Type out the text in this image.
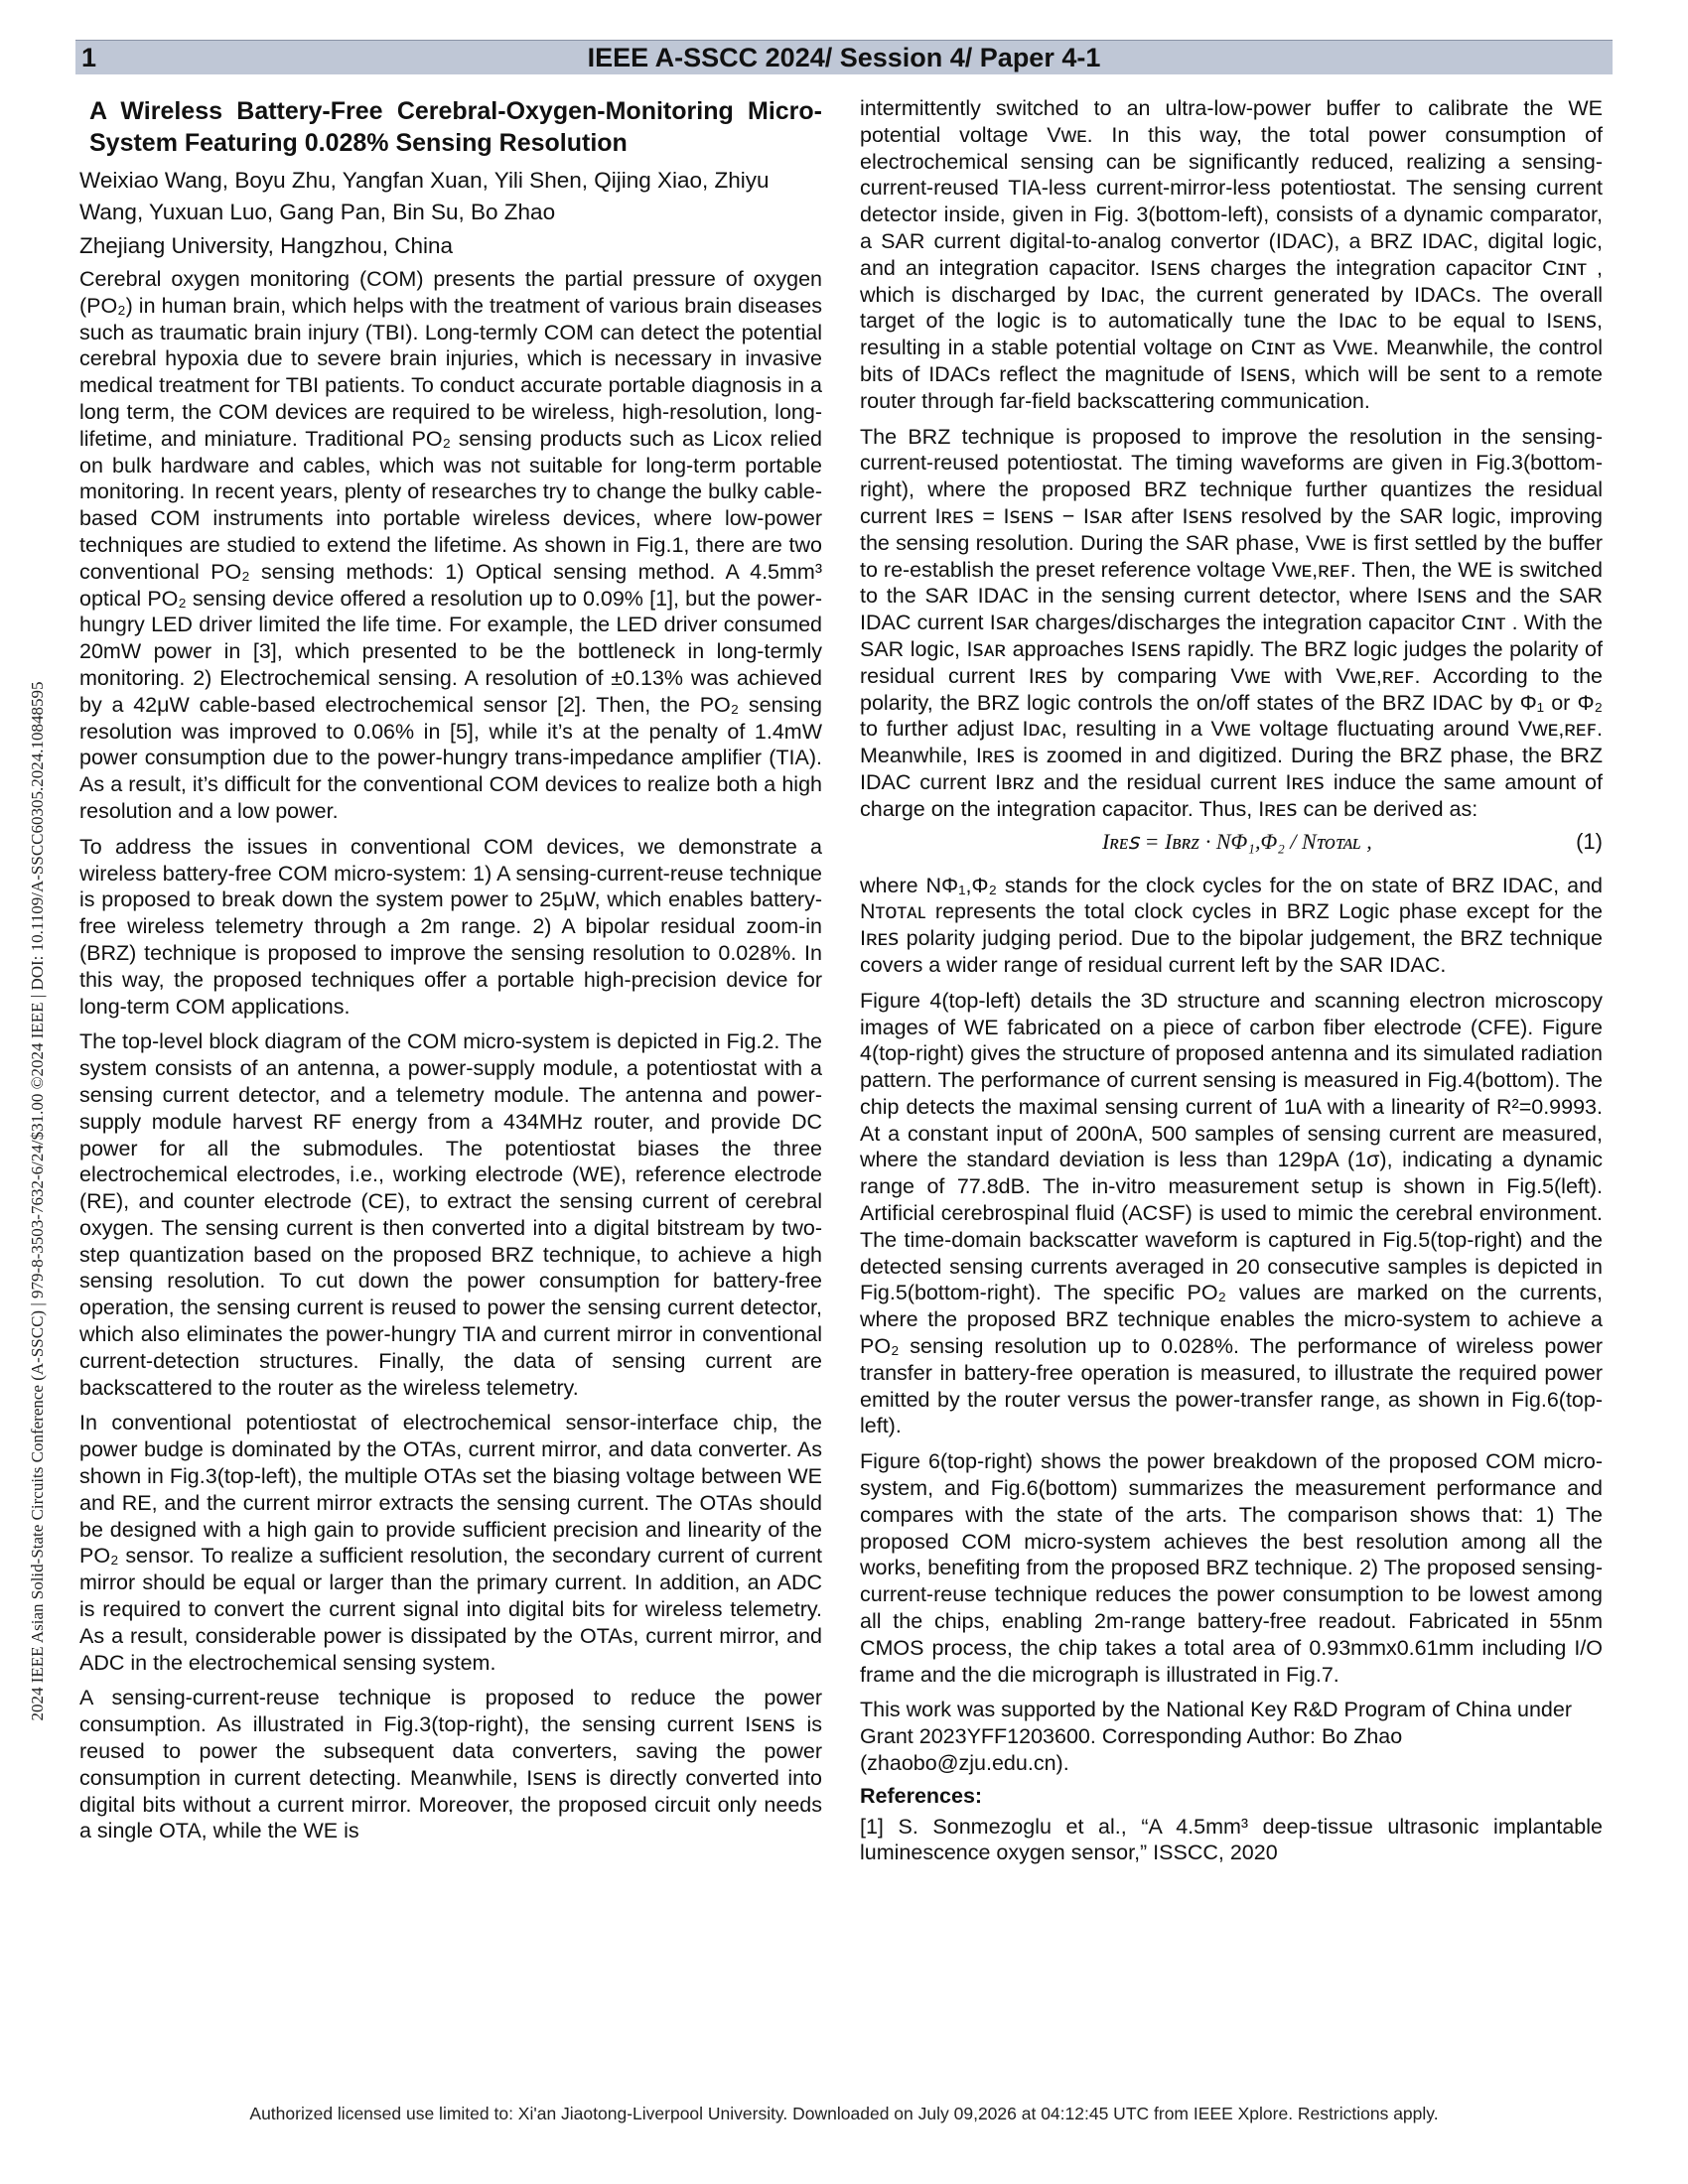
1	IEEE A-SSCC 2024/ Session 4/ Paper 4-1
2024 IEEE Asian Solid-State Circuits Conference (A-SSCC) | 979-8-3503-7632-6/24/$31.00 ©2024 IEEE | DOI: 10.1109/A-SSCC60305.2024.10848595
A Wireless Battery-Free Cerebral-Oxygen-Monitoring Micro-System Featuring 0.028% Sensing Resolution
Weixiao Wang, Boyu Zhu, Yangfan Xuan, Yili Shen, Qijing Xiao, Zhiyu Wang, Yuxuan Luo, Gang Pan, Bin Su, Bo Zhao
Zhejiang University, Hangzhou, China

Cerebral oxygen monitoring (COM) presents the partial pressure of oxygen (PO₂) in human brain, which helps with the treatment of various brain diseases such as traumatic brain injury (TBI). Long-termly COM can detect the potential cerebral hypoxia due to severe brain injuries, which is necessary in invasive medical treatment for TBI patients. To conduct accurate portable diagnosis in a long term, the COM devices are required to be wireless, high-resolution, long-lifetime, and miniature. Traditional PO₂ sensing products such as Licox relied on bulk hardware and cables, which was not suitable for long-term portable monitoring. In recent years, plenty of researches try to change the bulky cable-based COM instruments into portable wireless devices, where low-power techniques are studied to extend the lifetime. As shown in Fig.1, there are two conventional PO₂ sensing methods: 1) Optical sensing method. A 4.5mm³ optical PO₂ sensing device offered a resolution up to 0.09% [1], but the power-hungry LED driver limited the life time. For example, the LED driver consumed 20mW power in [3], which presented to be the bottleneck in long-termly monitoring. 2) Electrochemical sensing. A resolution of ±0.13% was achieved by a 42μW cable-based electrochemical sensor [2]. Then, the PO₂ sensing resolution was improved to 0.06% in [5], while it’s at the penalty of 1.4mW power consumption due to the power-hungry trans-impedance amplifier (TIA). As a result, it’s difficult for the conventional COM devices to realize both a high resolution and a low power.

To address the issues in conventional COM devices, we demonstrate a wireless battery-free COM micro-system: 1) A sensing-current-reuse technique is proposed to break down the system power to 25μW, which enables battery-free wireless telemetry through a 2m range. 2) A bipolar residual zoom-in (BRZ) technique is proposed to improve the sensing resolution to 0.028%. In this way, the proposed techniques offer a portable high-precision device for long-term COM applications.

The top-level block diagram of the COM micro-system is depicted in Fig.2. The system consists of an antenna, a power-supply module, a potentiostat with a sensing current detector, and a telemetry module. The antenna and power-supply module harvest RF energy from a 434MHz router, and provide DC power for all the submodules. The potentiostat biases the three electrochemical electrodes, i.e., working electrode (WE), reference electrode (RE), and counter electrode (CE), to extract the sensing current of cerebral oxygen. The sensing current is then converted into a digital bitstream by two-step quantization based on the proposed BRZ technique, to achieve a high sensing resolution. To cut down the power consumption for battery-free operation, the sensing current is reused to power the sensing current detector, which also eliminates the power-hungry TIA and current mirror in conventional current-detection structures. Finally, the data of sensing current are backscattered to the router as the wireless telemetry.

In conventional potentiostat of electrochemical sensor-interface chip, the power budge is dominated by the OTAs, current mirror, and data converter. As shown in Fig.3(top-left), the multiple OTAs set the biasing voltage between WE and RE, and the current mirror extracts the sensing current. The OTAs should be designed with a high gain to provide sufficient precision and linearity of the PO₂ sensor. To realize a sufficient resolution, the secondary current of current mirror should be equal or larger than the primary current. In addition, an ADC is required to convert the current signal into digital bits for wireless telemetry. As a result, considerable power is dissipated by the OTAs, current mirror, and ADC in the electrochemical sensing system.

A sensing-current-reuse technique is proposed to reduce the power consumption. As illustrated in Fig.3(top-right), the sensing current Iꜱᴇɴꜱ is reused to power the subsequent data converters, saving the power consumption in current detecting. Meanwhile, Iꜱᴇɴꜱ is directly converted into digital bits without a current mirror. Moreover, the proposed circuit only needs a single OTA, while the WE is

intermittently switched to an ultra-low-power buffer to calibrate the WE potential voltage Vᴡᴇ. In this way, the total power consumption of electrochemical sensing can be significantly reduced, realizing a sensing-current-reused TIA-less current-mirror-less potentiostat. The sensing current detector inside, given in Fig. 3(bottom-left), consists of a dynamic comparator, a SAR current digital-to-analog convertor (IDAC), a BRZ IDAC, digital logic, and an integration capacitor. Iꜱᴇɴꜱ charges the integration capacitor Cɪɴᴛ , which is discharged by Iᴅᴀᴄ, the current generated by IDACs. The overall target of the logic is to automatically tune the Iᴅᴀᴄ to be equal to Iꜱᴇɴꜱ, resulting in a stable potential voltage on Cɪɴᴛ as Vᴡᴇ. Meanwhile, the control bits of IDACs reflect the magnitude of Iꜱᴇɴꜱ, which will be sent to a remote router through far-field backscattering communication.

The BRZ technique is proposed to improve the resolution in the sensing-current-reused potentiostat. The timing waveforms are given in Fig.3(bottom-right), where the proposed BRZ technique further quantizes the residual current Iʀᴇꜱ = Iꜱᴇɴꜱ − Iꜱᴀʀ after Iꜱᴇɴꜱ resolved by the SAR logic, improving the sensing resolution. During the SAR phase, Vᴡᴇ is first settled by the buffer to re-establish the preset reference voltage Vᴡᴇ,ʀᴇꜰ. Then, the WE is switched to the SAR IDAC in the sensing current detector, where Iꜱᴇɴꜱ and the SAR IDAC current Iꜱᴀʀ charges/discharges the integration capacitor Cɪɴᴛ . With the SAR logic, Iꜱᴀʀ approaches Iꜱᴇɴꜱ rapidly. The BRZ logic judges the polarity of residual current Iʀᴇꜱ by comparing Vᴡᴇ with Vᴡᴇ,ʀᴇꜰ. According to the polarity, the BRZ logic controls the on/off states of the BRZ IDAC by Φ₁ or Φ₂ to further adjust Iᴅᴀᴄ, resulting in a Vᴡᴇ voltage fluctuating around Vᴡᴇ,ʀᴇꜰ. Meanwhile, Iʀᴇꜱ is zoomed in and digitized. During the BRZ phase, the BRZ IDAC current Iʙʀᴢ and the residual current Iʀᴇꜱ induce the same amount of charge on the integration capacitor. Thus, Iʀᴇꜱ can be derived as:

Iʀᴇꜱ = Iʙʀᴢ · NΦ₁,Φ₂ / Nᴛᴏᴛᴀʟ ,	(1)

where NΦ₁,Φ₂ stands for the clock cycles for the on state of BRZ IDAC, and Nᴛᴏᴛᴀʟ represents the total clock cycles in BRZ Logic phase except for the Iʀᴇꜱ polarity judging period. Due to the bipolar judgement, the BRZ technique covers a wider range of residual current left by the SAR IDAC.

Figure 4(top-left) details the 3D structure and scanning electron microscopy images of WE fabricated on a piece of carbon fiber electrode (CFE). Figure 4(top-right) gives the structure of proposed antenna and its simulated radiation pattern. The performance of current sensing is measured in Fig.4(bottom). The chip detects the maximal sensing current of 1uA with a linearity of R²=0.9993. At a constant input of 200nA, 500 samples of sensing current are measured, where the standard deviation is less than 129pA (1σ), indicating a dynamic range of 77.8dB. The in-vitro measurement setup is shown in Fig.5(left). Artificial cerebrospinal fluid (ACSF) is used to mimic the cerebral environment. The time-domain backscatter waveform is captured in Fig.5(top-right) and the detected sensing currents averaged in 20 consecutive samples is depicted in Fig.5(bottom-right). The specific PO₂ values are marked on the currents, where the proposed BRZ technique enables the micro-system to achieve a PO₂ sensing resolution up to 0.028%. The performance of wireless power transfer in battery-free operation is measured, to illustrate the required power emitted by the router versus the power-transfer range, as shown in Fig.6(top-left).

Figure 6(top-right) shows the power breakdown of the proposed COM micro-system, and Fig.6(bottom) summarizes the measurement performance and compares with the state of the arts. The comparison shows that: 1) The proposed COM micro-system achieves the best resolution among all the works, benefiting from the proposed BRZ technique. 2) The proposed sensing-current-reuse technique reduces the power consumption to be lowest among all the chips, enabling 2m-range battery-free readout. Fabricated in 55nm CMOS process, the chip takes a total area of 0.93mmx0.61mm including I/O frame and the die micrograph is illustrated in Fig.7.

This work was supported by the National Key R&D Program of China under Grant 2023YFF1203600. Corresponding Author: Bo Zhao (zhaobo@zju.edu.cn).

References:

[1] S. Sonmezoglu et al., “A 4.5mm³ deep-tissue ultrasonic implantable luminescence oxygen sensor,” ISSCC, 2020

Authorized licensed use limited to: Xi'an Jiaotong-Liverpool University. Downloaded on July 09,2026 at 04:12:45 UTC from IEEE Xplore. Restrictions apply.
